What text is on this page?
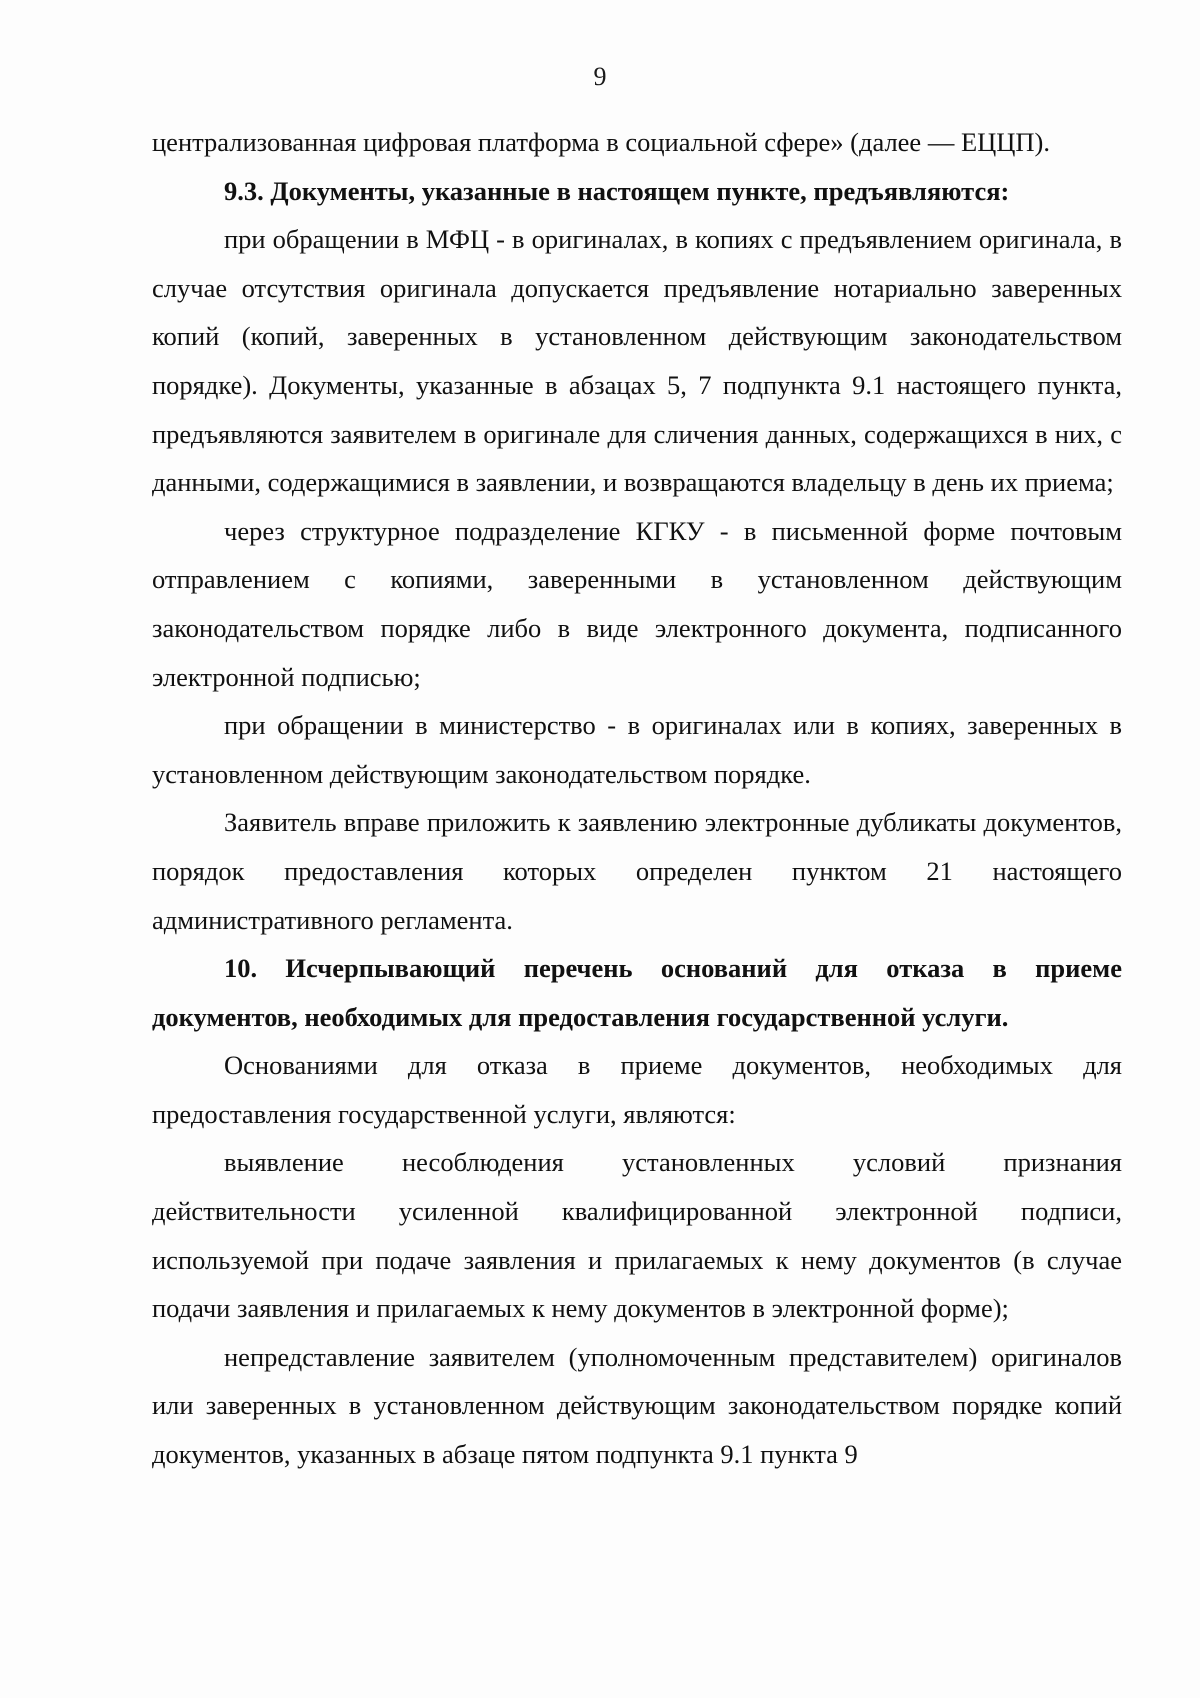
9

централизованная цифровая платформа в социальной сфере» (далее — ЕЦЦП).

9.3. Документы, указанные в настоящем пункте, предъявляются:

при обращении в МФЦ - в оригиналах, в копиях с предъявлением оригинала, в случае отсутствия оригинала допускается предъявление нотариально заверенных копий (копий, заверенных в установленном действующим законодательством порядке). Документы, указанные в абзацах 5, 7 подпункта 9.1 настоящего пункта, предъявляются заявителем в оригинале для сличения данных, содержащихся в них, с данными, содержащимися в заявлении, и возвращаются владельцу в день их приема;

через структурное подразделение КГКУ - в письменной форме почтовым отправлением с копиями, заверенными в установленном действующим законодательством порядке либо в виде электронного документа, подписанного электронной подписью;

при обращении в министерство - в оригиналах или в копиях, заверенных в установленном действующим законодательством порядке.

Заявитель вправе приложить к заявлению электронные дубликаты документов, порядок предоставления которых определен пунктом 21 настоящего административного регламента.

10. Исчерпывающий перечень оснований для отказа в приеме документов, необходимых для предоставления государственной услуги.

Основаниями для отказа в приеме документов, необходимых для предоставления государственной услуги, являются:

выявление несоблюдения установленных условий признания действительности усиленной квалифицированной электронной подписи, используемой при подаче заявления и прилагаемых к нему документов (в случае подачи заявления и прилагаемых к нему документов в электронной форме);

непредставление заявителем (уполномоченным представителем) оригиналов или заверенных в установленном действующим законодательством порядке копий документов, указанных в абзаце пятом подпункта 9.1 пункта 9
